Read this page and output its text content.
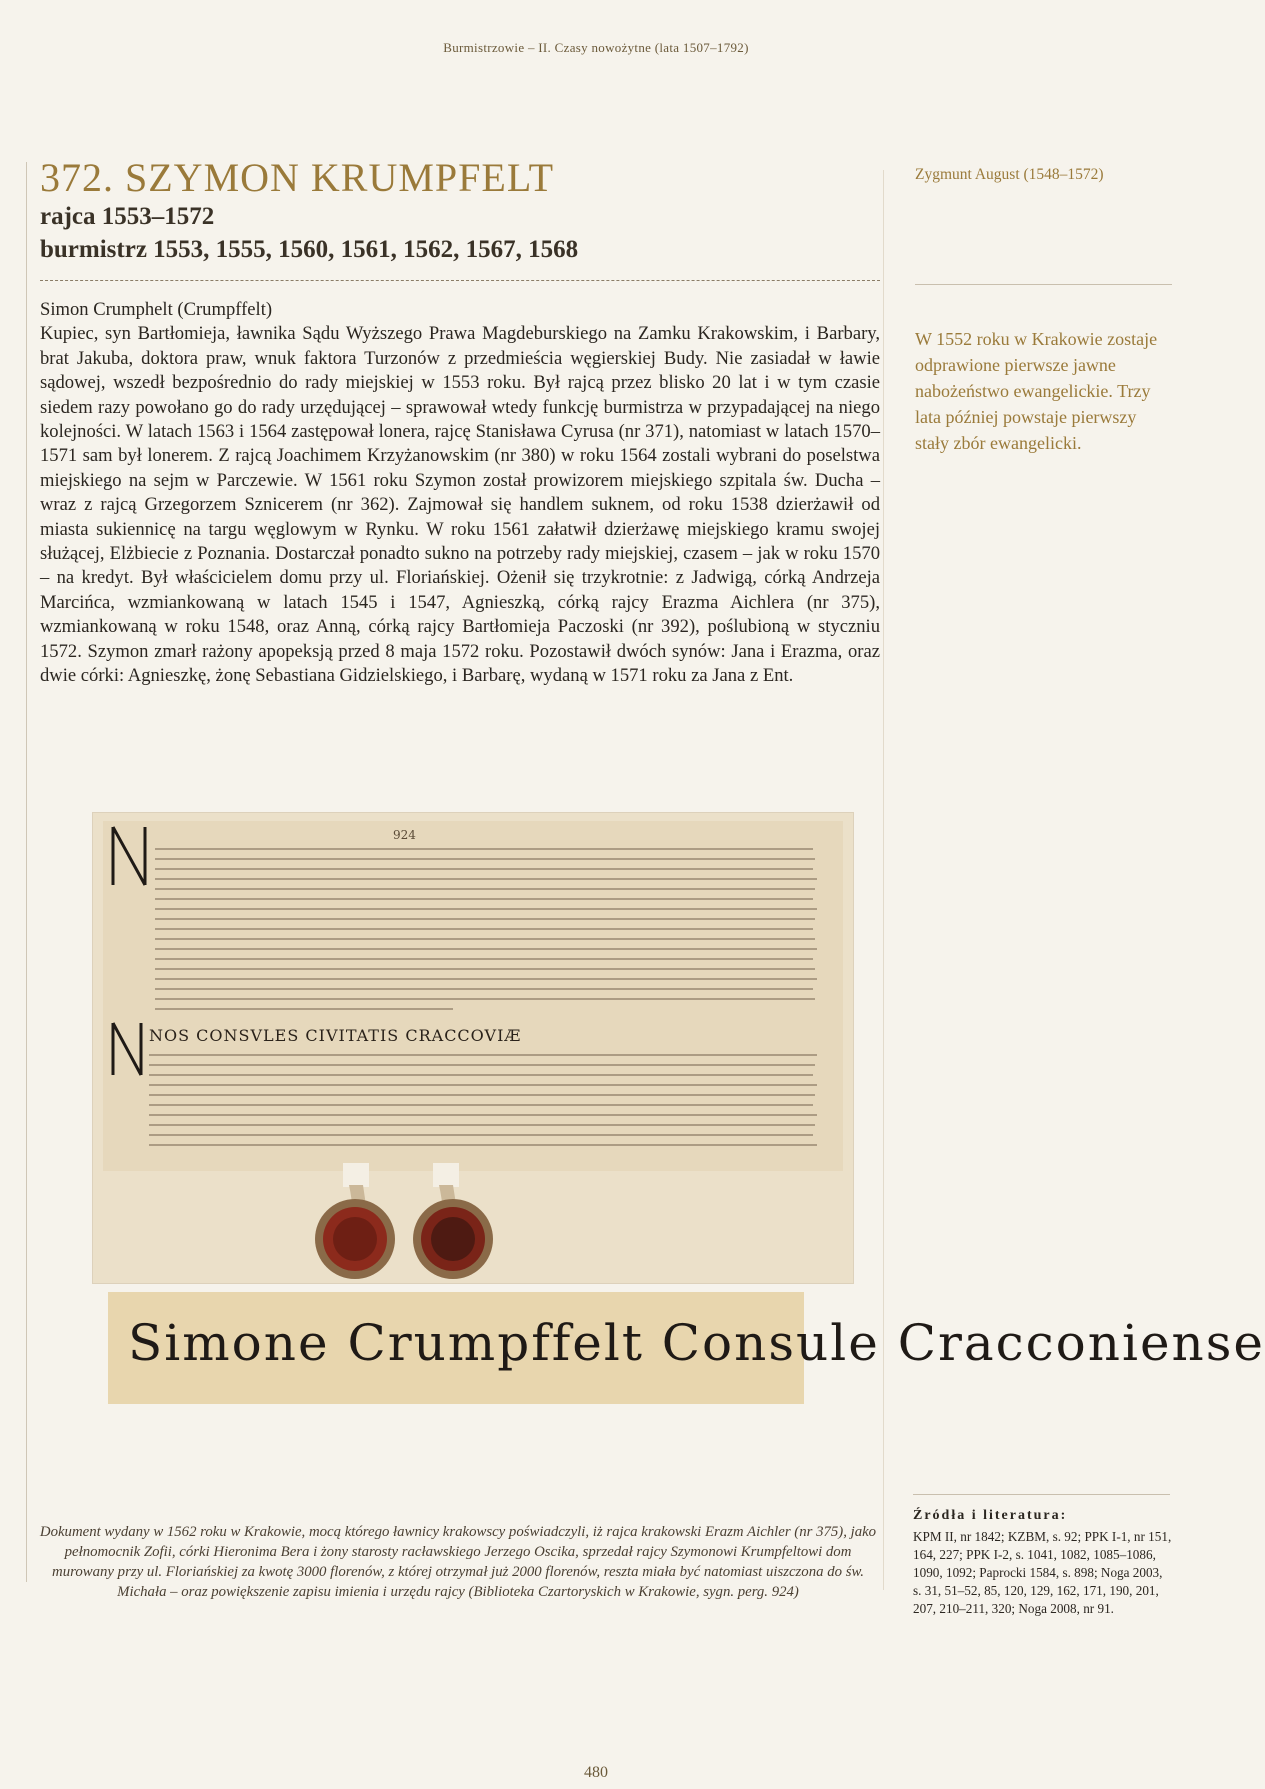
Burmistrzowie – II. Czasy nowożytne (lata 1507–1792)
372. SZYMON KRUMPFELT
rajca 1553–1572
burmistrz 1553, 1555, 1560, 1561, 1562, 1567, 1568
Simon Crumphelt (Crumpffelt)

Kupiec, syn Bartłomieja, ławnika Sądu Wyższego Prawa Magdeburskiego na Zamku Krakowskim, i Barbary, brat Jakuba, doktora praw, wnuk faktora Turzonów z przedmieścia węgierskiej Budy. Nie zasiadał w ławie sądowej, wszedł bezpośrednio do rady miejskiej w 1553 roku. Był rajcą przez blisko 20 lat i w tym czasie siedem razy powołano go do rady urzędującej – sprawował wtedy funkcję burmistrza w przypadającej na niego kolejności. W latach 1563 i 1564 zastępował lonera, rajcę Stanisława Cyrusa (nr 371), natomiast w latach 1570–1571 sam był lonerem. Z rajcą Joachimem Krzyżanowskim (nr 380) w roku 1564 zostali wybrani do poselstwa miejskiego na sejm w Parczewie. W 1561 roku Szymon został prowizorem miejskiego szpitala św. Ducha – wraz z rajcą Grzegorzem Sznicerem (nr 362). Zajmował się handlem suknem, od roku 1538 dzierżawił od miasta sukiennicę na targu węglowym w Rynku. W roku 1561 załatwił dzierżawę miejskiego kramu swojej służącej, Elżbiecie z Poznania. Dostarczał ponadto sukno na potrzeby rady miejskiej, czasem – jak w roku 1570 – na kredyt. Był właścicielem domu przy ul. Floriańskiej. Ożenił się trzykrotnie: z Jadwigą, córką Andrzeja Marcińca, wzmiankowaną w latach 1545 i 1547, Agnieszką, córką rajcy Erazma Aichlera (nr 375), wzmiankowaną w roku 1548, oraz Anną, córką rajcy Bartłomieja Paczoski (nr 392), poślubioną w styczniu 1572. Szymon zmarł rażony apopeksją przed 8 maja 1572 roku. Pozostawił dwóch synów: Jana i Erazma, oraz dwie córki: Agnieszkę, żonę Sebastiana Gidzielskiego, i Barbarę, wydaną w 1571 roku za Jana z Ent.

Zygmunt August (1548–1572)
W 1552 roku w Krakowie zostaje odprawione pierwsze jawne nabożeństwo ewangelickie. Trzy lata później powstaje pierwszy stały zbór ewangelicki.
924
NOS CONSVLES CIVITATIS CRACCOVIÆ
Simone Crumpffelt Consule Cracconiense
Dokument wydany w 1562 roku w Krakowie, mocą którego ławnicy krakowscy poświadczyli, iż rajca krakowski Erazm Aichler (nr 375), jako pełnomocnik Zofii, córki Hieronima Bera i żony starosty racławskiego Jerzego Oscika, sprzedał rajcy Szymonowi Krumpfeltowi dom murowany przy ul. Floriańskiej za kwotę 3000 florenów, z której otrzymał już 2000 florenów, reszta miała być natomiast uiszczona do św. Michała – oraz powiększenie zapisu imienia i urzędu rajcy (Biblioteka Czartoryskich w Krakowie, sygn. perg. 924)
Źródła i literatura:
KPM II, nr 1842; KZBM, s. 92; PPK I-1, nr 151, 164, 227; PPK I-2, s. 1041, 1082, 1085–1086, 1090, 1092; Paprocki 1584, s. 898; Noga 2003, s. 31, 51–52, 85, 120, 129, 162, 171, 190, 201, 207, 210–211, 320; Noga 2008, nr 91.
480
